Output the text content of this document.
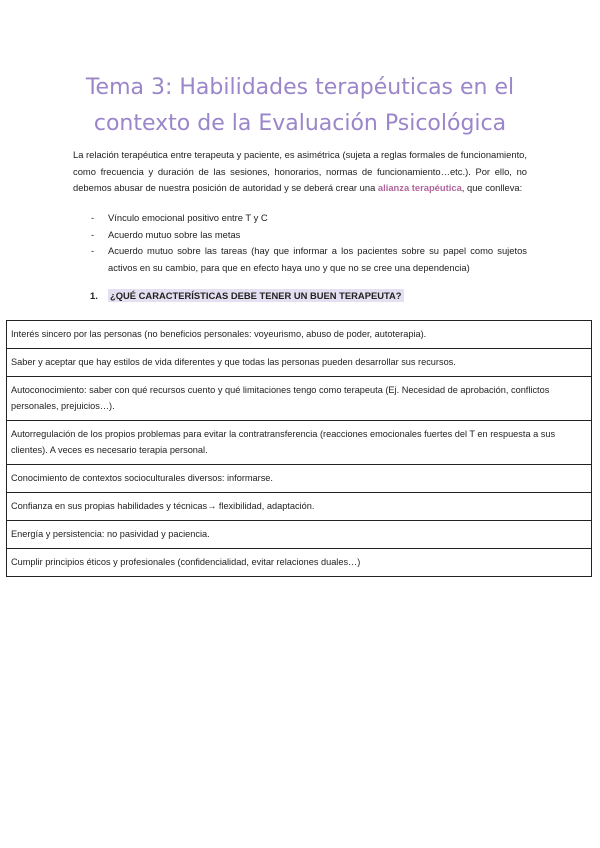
Tema 3: Habilidades terapéuticas en el
contexto de la Evaluación Psicológica

La relación terapéutica entre terapeuta y paciente, es asimétrica (sujeta a reglas formales de funcionamiento, como frecuencia y duración de las sesiones, honorarios, normas de funcionamiento…etc.). Por ello, no debemos abusar de nuestra posición de autoridad y se deberá crear una alianza terapéutica, que conlleva:

- Vínculo emocional positivo entre T y C
- Acuerdo mutuo sobre las metas
- Acuerdo mutuo sobre las tareas (hay que informar a los pacientes sobre su papel como sujetos activos en su cambio, para que en efecto haya uno y que no se cree una dependencia)

1. ¿QUÉ CARACTERÍSTICAS DEBE TENER UN BUEN TERAPEUTA?

Interés sincero por las personas (no beneficios personales: voyeurismo, abuso de poder, autoterapia).
Saber y aceptar que hay estilos de vida diferentes y que todas las personas pueden desarrollar sus recursos.
Autoconocimiento: saber con qué recursos cuento y qué limitaciones tengo como terapeuta (Ej. Necesidad de aprobación, conflictos personales, prejuicios…).
Autorregulación de los propios problemas para evitar la contratransferencia (reacciones emocionales fuertes del T en respuesta a sus clientes). A veces es necesario terapia personal.
Conocimiento de contextos socioculturales diversos: informarse.
Confianza en sus propias habilidades y técnicas→ flexibilidad, adaptación.
Energía y persistencia: no pasividad y paciencia.
Cumplir principios éticos y profesionales (confidencialidad, evitar relaciones duales…)
